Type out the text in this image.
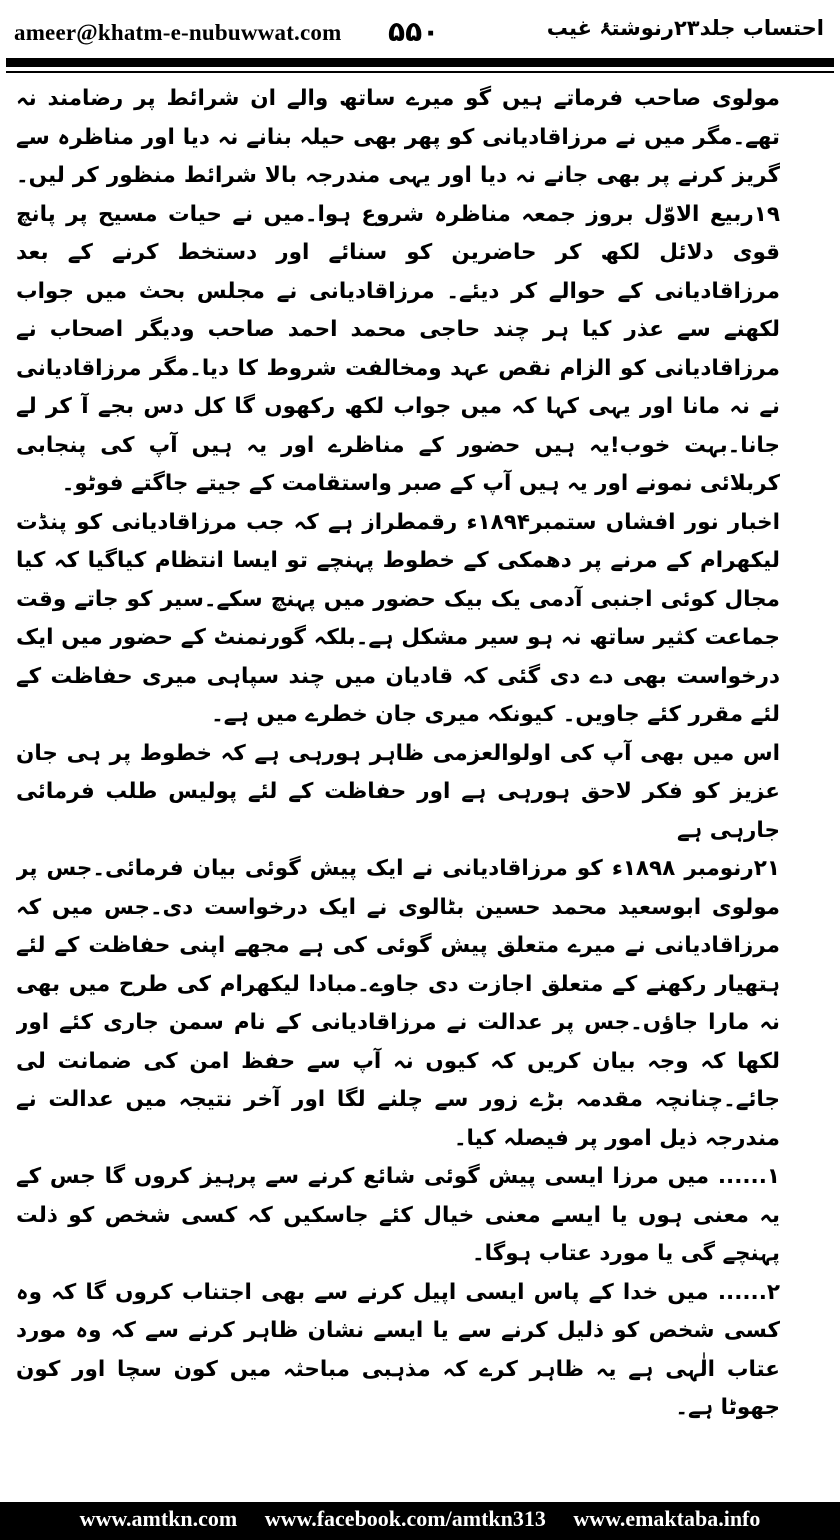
ameer@khatm-e-nubuwwat.com ۵۵۰	احتساب جلد۲۳رنوشتۂ غیب

مولوی صاحب فرماتے ہیں گو میرے ساتھ والے ان شرائط پر رضامند نہ تھے۔مگر میں نے مرزاقادیانی کو پھر بھی حیلہ بنانے نہ دیا اور مناظرہ سے گریز کرنے پر بھی جانے نہ دیا اور یہی مندرجہ بالا شرائط منظور کر لیں۔۱۹ربیع الاوّل بروز جمعہ مناظرہ شروع ہوا۔میں نے حیات مسیح پر پانچ قوی دلائل لکھ کر حاضرین کو سنائے اور دستخط کرنے کے بعد مرزاقادیانی کے حوالے کر دیئے۔ مرزاقادیانی نے مجلس بحث میں جواب لکھنے سے عذر کیا ہر چند حاجی محمد احمد صاحب ودیگر اصحاب نے مرزاقادیانی کو الزام نقص عہد ومخالفت شروط کا دیا۔مگر مرزاقادیانی نے نہ مانا اور یہی کہا کہ میں جواب لکھ رکھوں گا کل دس بجے آ کر لے جانا۔بہت خوب!یہ ہیں حضور کے مناظرے اور یہ ہیں آپ کی پنجابی کربلائی نمونے اور یہ ہیں آپ کے صبر واستقامت کے جیتے جاگتے فوٹو۔

اخبار نور افشاں ستمبر۱۸۹۴ء رقمطراز ہے کہ جب مرزاقادیانی کو پنڈت لیکھرام کے مرنے پر دھمکی کے خطوط پہنچے تو ایسا انتظام کیاگیا کہ کیا مجال کوئی اجنبی آدمی یک بیک حضور میں پہنچ سکے۔سیر کو جاتے وقت جماعت کثیر ساتھ نہ ہو سیر مشکل ہے۔بلکہ گورنمنٹ کے حضور میں ایک درخواست بھی دے دی گئی کہ قادیان میں چند سپاہی میری حفاظت کے لئے مقرر کئے جاویں۔ کیونکہ میری جان خطرے میں ہے۔

اس میں بھی آپ کی اولوالعزمی ظاہر ہورہی ہے کہ خطوط پر ہی جان عزیز کو فکر لاحق ہورہی ہے اور حفاظت کے لئے پولیس طلب فرمائی جارہی ہے

۲۱رنومبر ۱۸۹۸ء کو مرزاقادیانی نے ایک پیش گوئی بیان فرمائی۔جس پر مولوی ابوسعید محمد حسین بٹالوی نے ایک درخواست دی۔جس میں کہ مرزاقادیانی نے میرے متعلق پیش گوئی کی ہے مجھے اپنی حفاظت کے لئے ہتھیار رکھنے کے متعلق اجازت دی جاوے۔مبادا لیکھرام کی طرح میں بھی نہ مارا جاؤں۔جس پر عدالت نے مرزاقادیانی کے نام سمن جاری کئے اور لکھا کہ وجہ بیان کریں کہ کیوں نہ آپ سے حفظ امن کی ضمانت لی جائے۔چنانچہ مقدمہ بڑے زور سے چلنے لگا اور آخر نتیجہ میں عدالت نے مندرجہ ذیل امور پر فیصلہ کیا۔

۱...... میں مرزا ایسی پیش گوئی شائع کرنے سے پرہیز کروں گا جس کے یہ معنی ہوں یا ایسے معنی خیال کئے جاسکیں کہ کسی شخص کو ذلت پہنچے گی یا مورد عتاب ہوگا۔

۲...... میں خدا کے پاس ایسی اپیل کرنے سے بھی اجتناب کروں گا کہ وہ کسی شخص کو ذلیل کرنے سے یا ایسے نشان ظاہر کرنے سے کہ وہ مورد عتاب الٰہی ہے یہ ظاہر کرے کہ مذہبی مباحثہ میں کون سچا اور کون جھوٹا ہے۔

www.amtkn.com www.facebook.com/amtkn313 www.emaktaba.info
